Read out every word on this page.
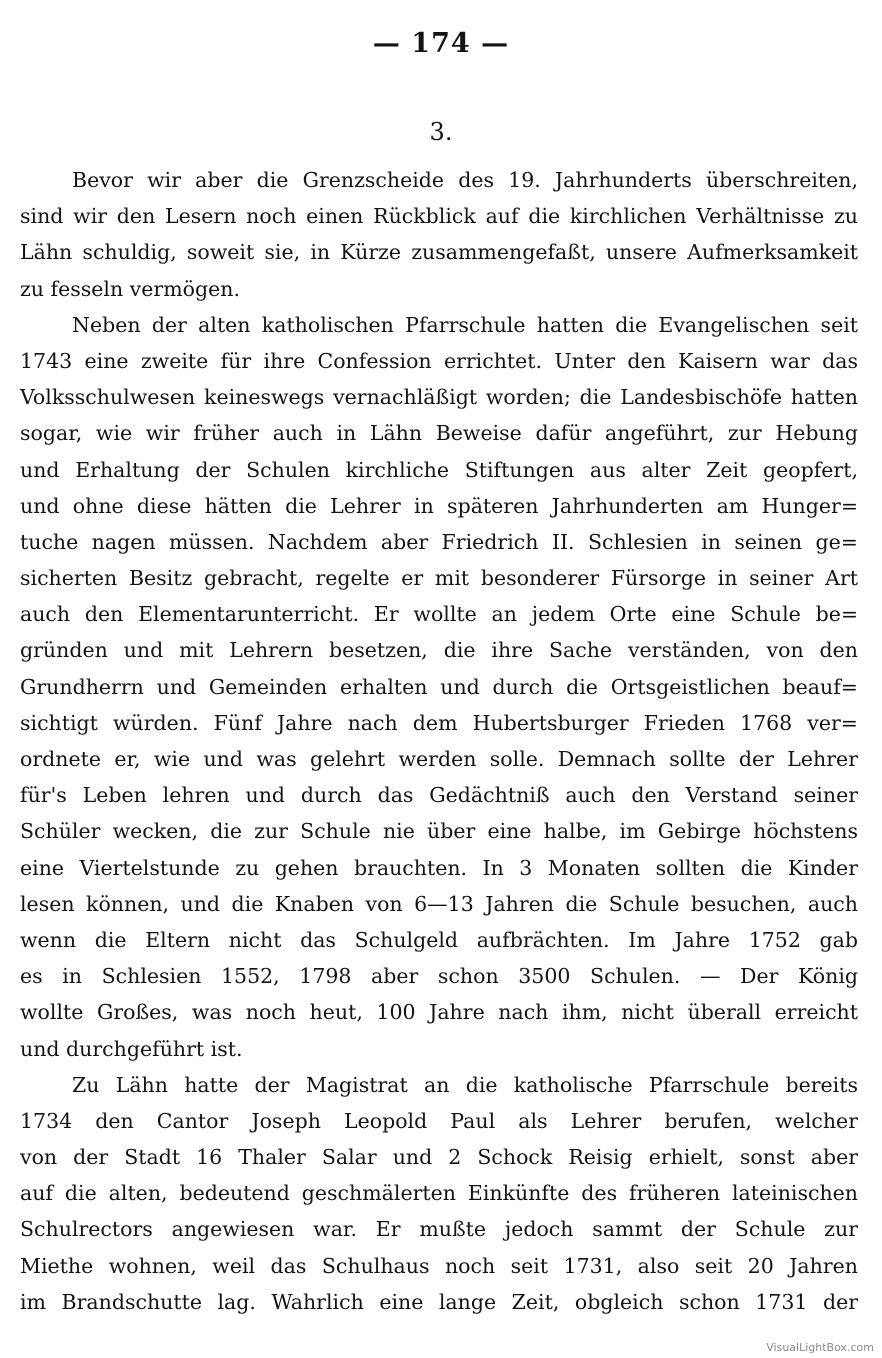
— 174 —
3.
Bevor wir aber die Grenzscheide des 19. Jahrhunderts überschreiten,
sind wir den Lesern noch einen Rückblick auf die kirchlichen Verhältnisse zu
Lähn schuldig, soweit sie, in Kürze zusammengefaßt, unsere Aufmerksamkeit
zu fesseln vermögen.
Neben der alten katholischen Pfarrschule hatten die Evangelischen seit
1743 eine zweite für ihre Confession errichtet. Unter den Kaisern war das
Volksschulwesen keineswegs vernachläßigt worden; die Landesbischöfe hatten
sogar, wie wir früher auch in Lähn Beweise dafür angeführt, zur Hebung
und Erhaltung der Schulen kirchliche Stiftungen aus alter Zeit geopfert,
und ohne diese hätten die Lehrer in späteren Jahrhunderten am Hunger=
tuche nagen müssen. Nachdem aber Friedrich II. Schlesien in seinen ge=
sicherten Besitz gebracht, regelte er mit besonderer Fürsorge in seiner Art
auch den Elementarunterricht. Er wollte an jedem Orte eine Schule be=
gründen und mit Lehrern besetzen, die ihre Sache verständen, von den
Grundherrn und Gemeinden erhalten und durch die Ortsgeistlichen beauf=
sichtigt würden. Fünf Jahre nach dem Hubertsburger Frieden 1768 ver=
ordnete er, wie und was gelehrt werden solle. Demnach sollte der Lehrer
für's Leben lehren und durch das Gedächtniß auch den Verstand seiner
Schüler wecken, die zur Schule nie über eine halbe, im Gebirge höchstens
eine Viertelstunde zu gehen brauchten. In 3 Monaten sollten die Kinder
lesen können, und die Knaben von 6—13 Jahren die Schule besuchen, auch
wenn die Eltern nicht das Schulgeld aufbrächten. Im Jahre 1752 gab
es in Schlesien 1552, 1798 aber schon 3500 Schulen. — Der König
wollte Großes, was noch heut, 100 Jahre nach ihm, nicht überall erreicht
und durchgeführt ist.
Zu Lähn hatte der Magistrat an die katholische Pfarrschule bereits
1734 den Cantor Joseph Leopold Paul als Lehrer berufen, welcher
von der Stadt 16 Thaler Salar und 2 Schock Reisig erhielt, sonst aber
auf die alten, bedeutend geschmälerten Einkünfte des früheren lateinischen
Schulrectors angewiesen war. Er mußte jedoch sammt der Schule zur
Miethe wohnen, weil das Schulhaus noch seit 1731, also seit 20 Jahren
im Brandschutte lag. Wahrlich eine lange Zeit, obgleich schon 1731 der
VisualLightBox.com
